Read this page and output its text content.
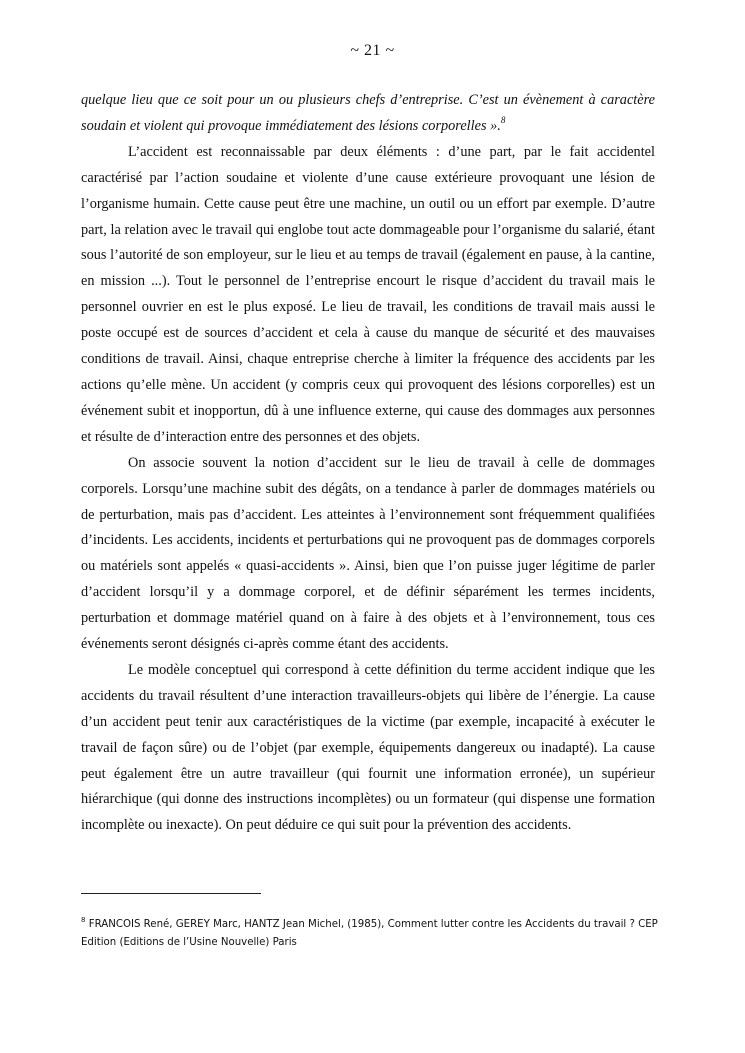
~ 21 ~

quelque lieu que ce soit pour un ou plusieurs chefs d’entreprise. C’est un évènement à caractère soudain et violent qui provoque immédiatement des lésions corporelles ».$^8$

L’accident est reconnaissable par deux éléments : d’une part, par le fait accidentel caractérisé par l’action soudaine et violente d’une cause extérieure provoquant une lésion de l’organisme humain. Cette cause peut être une machine, un outil ou un effort par exemple. D’autre part, la relation avec le travail qui englobe tout acte dommageable pour l’organisme du salarié, étant sous l’autorité de son employeur, sur le lieu et au temps de travail (également en pause, à la cantine, en mission ...). Tout le personnel de l’entreprise encourt le risque d’accident du travail mais le personnel ouvrier en est le plus exposé. Le lieu de travail, les conditions de travail mais aussi le poste occupé est de sources d’accident et cela à cause du manque de sécurité et des mauvaises conditions de travail. Ainsi, chaque entreprise cherche à limiter la fréquence des accidents par les actions qu’elle mène. Un accident (y compris ceux qui provoquent des lésions corporelles) est un événement subit et inopportun, dû à une influence externe, qui cause des dommages aux personnes et résulte de d’interaction entre des personnes et des objets.

On associe souvent la notion d’accident sur le lieu de travail à celle de dommages corporels. Lorsqu’une machine subit des dégâts, on a tendance à parler de dommages matériels ou de perturbation, mais pas d’accident. Les atteintes à l’environnement sont fréquemment qualifiées d’incidents. Les accidents, incidents et perturbations qui ne provoquent pas de dommages corporels ou matériels sont appelés « quasi-accidents ». Ainsi, bien que l’on puisse juger légitime de parler d’accident lorsqu’il y a dommage corporel, et de définir séparément les termes incidents, perturbation et dommage matériel quand on à faire à des objets et à l’environnement, tous ces événements seront désignés ci-après comme étant des accidents.

Le modèle conceptuel qui correspond à cette définition du terme accident indique que les accidents du travail résultent d’une interaction travailleurs-objets qui libère de l’énergie. La cause d’un accident peut tenir aux caractéristiques de la victime (par exemple, incapacité à exécuter le travail de façon sûre) ou de l’objet (par exemple, équipements dangereux ou inadapté). La cause peut également être un autre travailleur (qui fournit une information erronée), un supérieur hiérarchique (qui donne des instructions incomplètes) ou un formateur (qui dispense une formation incomplète ou inexacte). On peut déduire ce qui suit pour la prévention des accidents.

$^8$ FRANCOIS René, GEREY Marc, HANTZ Jean Michel, (1985), Comment lutter contre les Accidents du travail ? CEP Edition (Editions de l’Usine Nouvelle) Paris
